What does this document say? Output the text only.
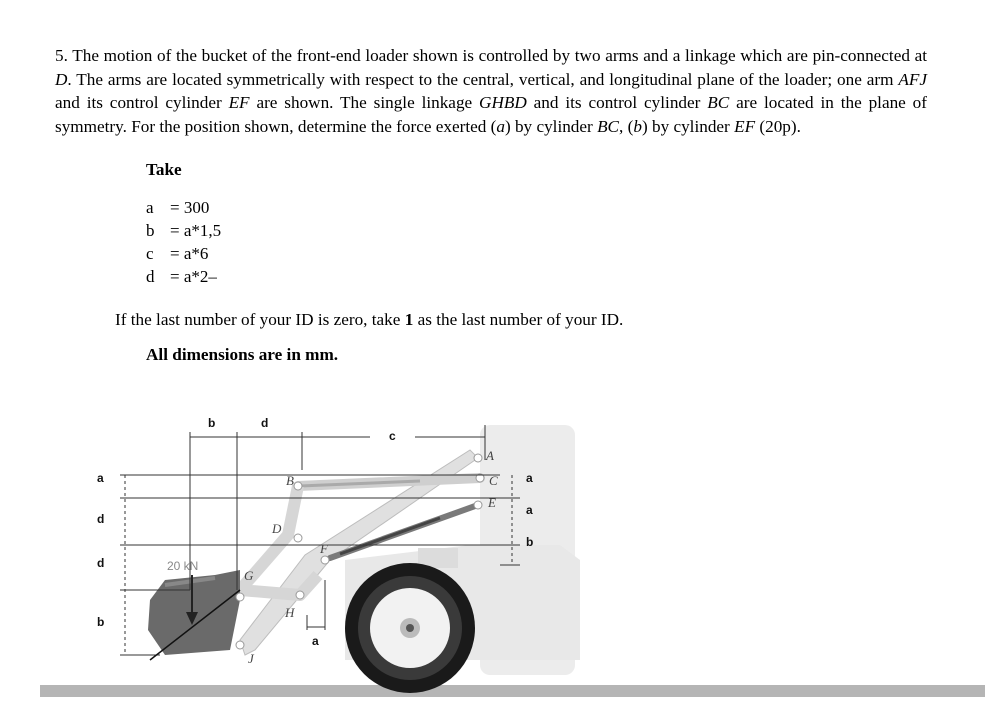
5. The motion of the bucket of the front-end loader shown is controlled by two arms and a linkage which are pin-connected at D. The arms are located symmetrically with respect to the central, vertical, and longitudinal plane of the loader; one arm AFJ and its control cylinder EF are shown. The single linkage GHBD and its control cylinder BC are located in the plane of symmetry. For the position shown, determine the force exerted (a) by cylinder BC, (b) by cylinder EF (20p).
Take
a = 300
b = a*1,5
c = a*6
d = a*2–
If the last number of your ID is zero, take 1 as the last number of your ID.
All dimensions are in mm.
b	d
c
a
d
d
b
a
a
b
a
A
B	C
D
E
F
G
H
J
20 kN
